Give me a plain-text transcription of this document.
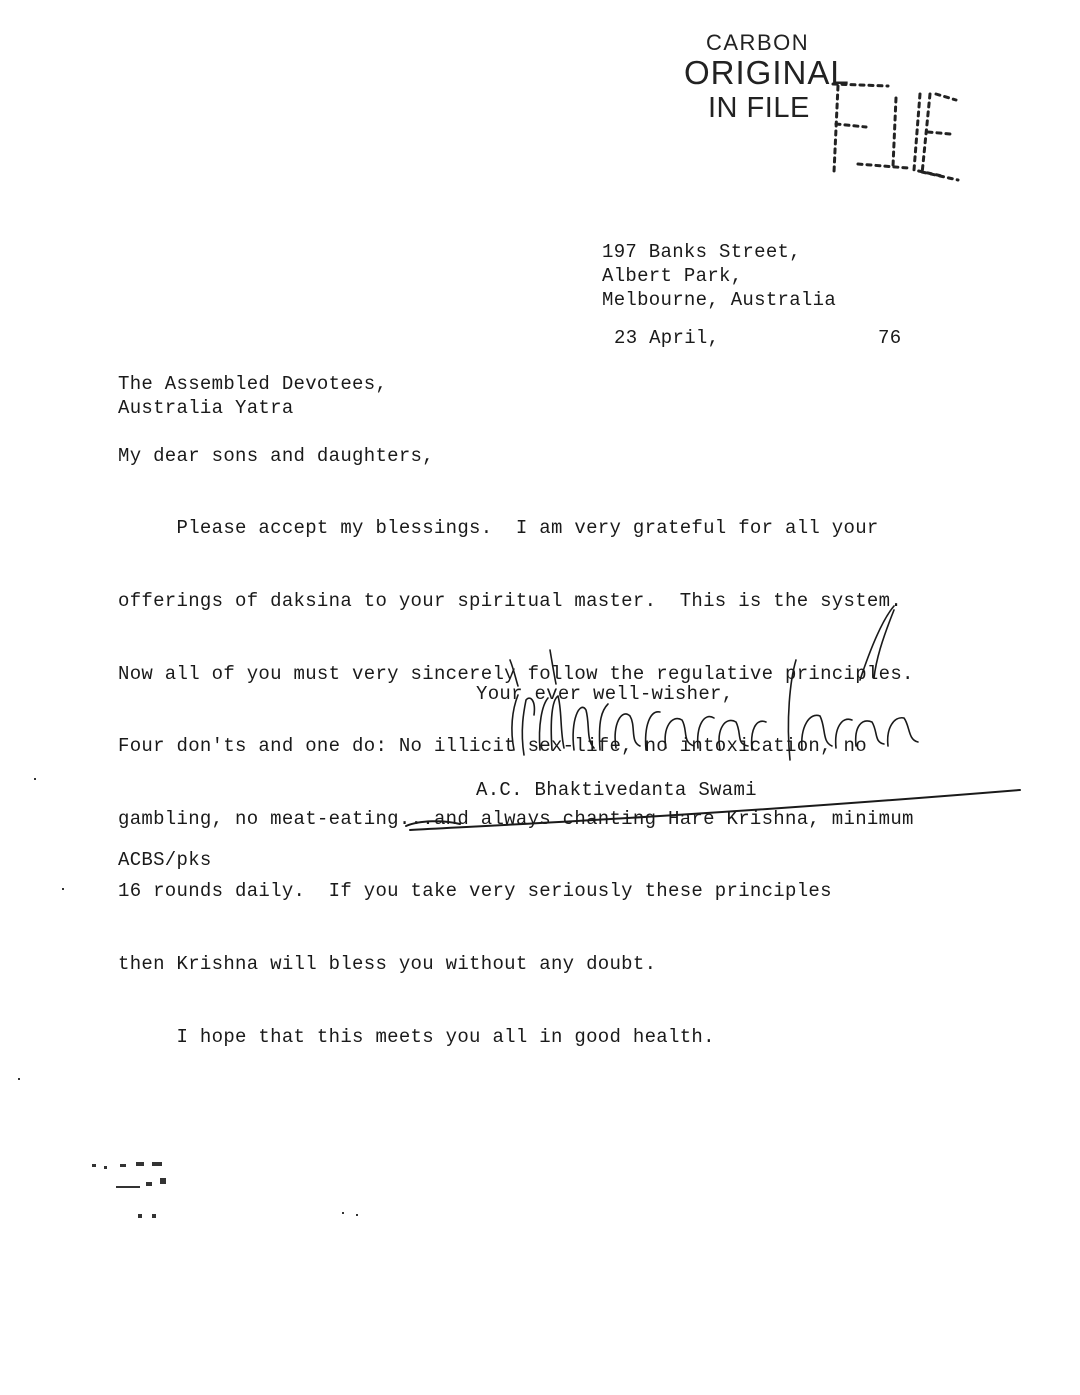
CARBON
ORIGINAL
IN FILE
197 Banks Street,
Albert Park,
Melbourne, Australia
23 April,	76
The Assembled Devotees,
Australia Yatra
My dear sons and daughters,

Please accept my blessings.  I am very grateful for all your

offerings of daksina to your spiritual master.  This is the system.

Now all of you must very sincerely follow the regulative principles.

Four don'ts and one do: No illicit sex-life, no intoxication, no

gambling, no meat-eating...and always chanting Hare Krishna, minimum

16 rounds daily.  If you take very seriously these principles

then Krishna will bless you without any doubt.

I hope that this meets you all in good health.

Your ever well-wisher,
A.C. Bhaktivedanta Swami
ACBS/pks
